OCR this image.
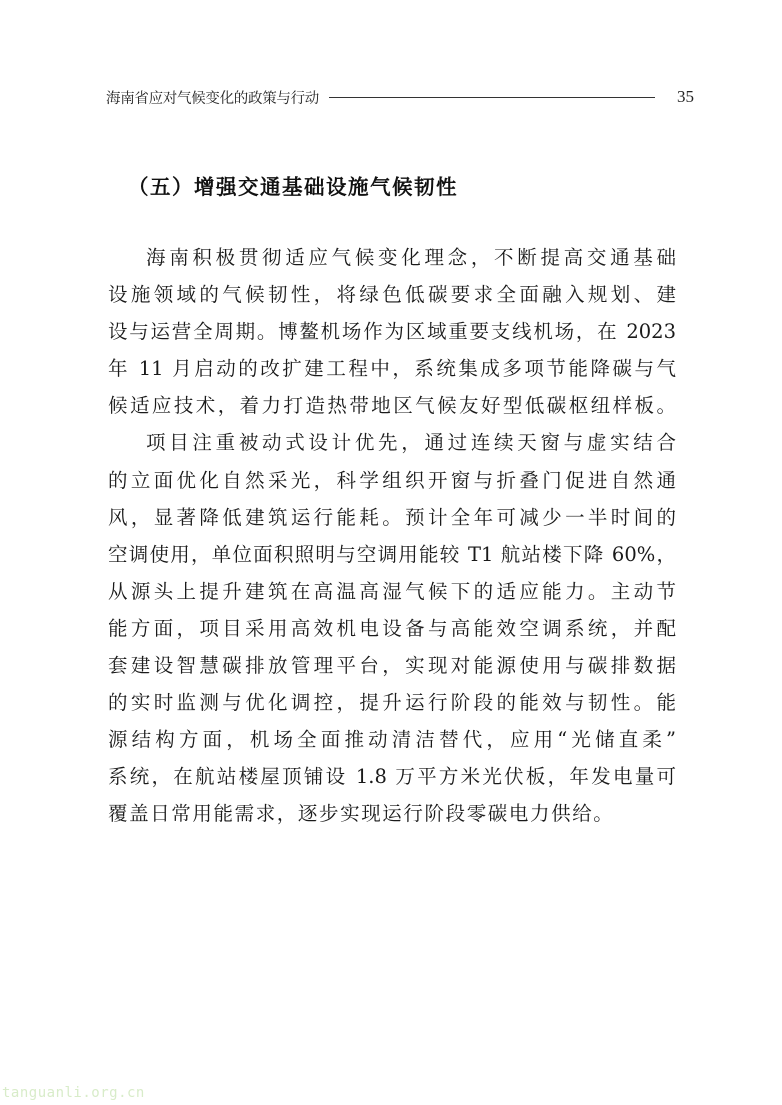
海南省应对气候变化的政策与行动	35
（五）增强交通基础设施气候韧性
海南积极贯彻适应气候变化理念，不断提高交通基础
设施领域的气候韧性，将绿色低碳要求全面融入规划、建
设与运营全周期。博鳌机场作为区域重要支线机场，在 2023
年 11 月启动的改扩建工程中，系统集成多项节能降碳与气
候适应技术，着力打造热带地区气候友好型低碳枢纽样板。
项目注重被动式设计优先，通过连续天窗与虚实结合
的立面优化自然采光，科学组织开窗与折叠门促进自然通
风，显著降低建筑运行能耗。预计全年可减少一半时间的
空调使用，单位面积照明与空调用能较 T1 航站楼下降 60%，
从源头上提升建筑在高温高湿气候下的适应能力。主动节
能方面，项目采用高效机电设备与高能效空调系统，并配
套建设智慧碳排放管理平台，实现对能源使用与碳排数据
的实时监测与优化调控，提升运行阶段的能效与韧性。能
源结构方面，机场全面推动清洁替代，应用“光储直柔”
系统，在航站楼屋顶铺设 1.8 万平方米光伏板，年发电量可
覆盖日常用能需求，逐步实现运行阶段零碳电力供给。
tanguanli.org.cn
